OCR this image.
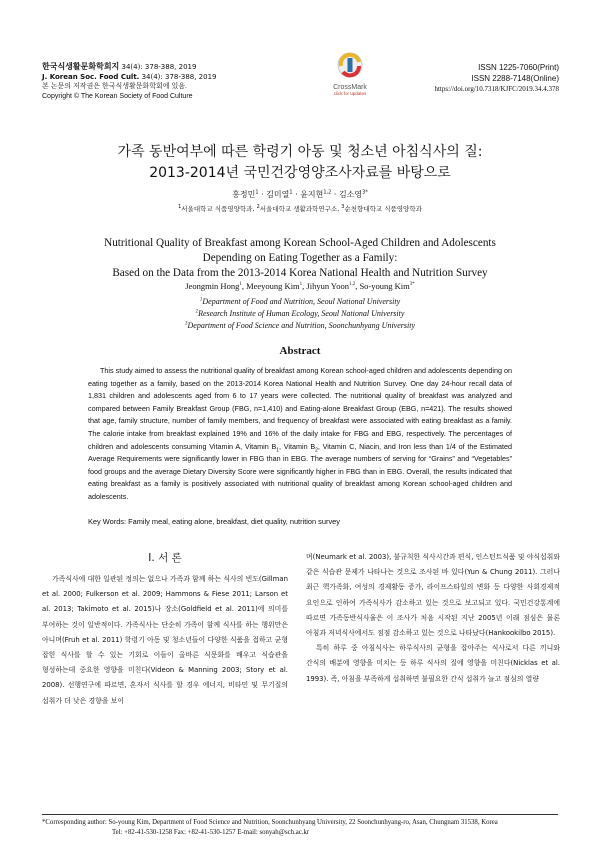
한국식생활문화학회지 34(4): 378-388, 2019
J. Korean Soc. Food Cult. 34(4): 378-388, 2019
본 논문의 저작권은 한국식생활문화학회에 있음.
Copyright © The Korean Society of Food Culture
CrossMark
click for updates
ISSN 1225-7060(Print)
ISSN 2288-7148(Online)
https://doi.org/10.7318/KJFC/2019.34.4.378
가족 동반여부에 따른 학령기 아동 및 청소년 아침식사의 질:
2013-2014년 국민건강영양조사자료를 바탕으로
홍정민$^1$ · 김미열$^1$ · 윤지현$^{1,2}$ · 김소영$^{3*}$
$^1$서울대학교 식품영양학과, $^2$서울대학교 생활과학연구소, $^3$순천향대학교 식품영양학과
Nutritional Quality of Breakfast among Korean School-Aged Children and Adolescents
Depending on Eating Together as a Family:
Based on the Data from the 2013-2014 Korea National Health and Nutrition Survey
Jeongmin Hong$^1$, Meeyoung Kim$^1$, Jihyun Yoon$^{1,2}$, So-young Kim$^{3*}$
$^1$Department of Food and Nutrition, Seoul National University
$^2$Research Institute of Human Ecology, Seoul National University
$^3$Department of Food Science and Nutrition, Soonchunhyang University
Abstract
This study aimed to assess the nutritional quality of breakfast among Korean school-aged children and adolescents depending on eating together as a family, based on the 2013-2014 Korea National Health and Nutrition Survey. One day 24-hour recall data of 1,831 children and adolescents aged from 6 to 17 years were collected. The nutritional quality of breakfast was analyzed and compared between Family Breakfast Group (FBG, n=1,410) and Eating-alone Breakfast Group (EBG, n=421). The results showed that age, family structure, number of family members, and frequency of breakfast were associated with eating breakfast as a family. The calorie intake from breakfast explained 19% and 16% of the daily intake for FBG and EBG, respectively. The percentages of children and adolescents consuming Vitamin A, Vitamin $B_1$, Vitamin $B_2$, Vitamin C, Niacin, and Iron less than 1/4 of the Estimated Average Requirements were significantly lower in FBG than in EBG. The average numbers of serving for “Grains” and “Vegetables” food groups and the average Dietary Diversity Score were significantly higher in FBG than in EBG. Overall, the results indicated that eating breakfast as a family is positively associated with nutritional quality of breakfast among Korean school-aged children and adolescents.
Key Words: Family meal, eating alone, breakfast, diet quality, nutrition survey
Ⅰ. 서 론

가족식사에 대한 일관된 정의는 없으나 가족과 함께 하는 식사의 빈도(Gillman et al. 2000; Fulkerson et al. 2009; Hammons & Fiese 2011; Larson et al. 2013; Takimoto et al. 2015)나 장소(Goldfield et al. 2011)에 의미를 부여하는 것이 일반적이다. 가족식사는 단순히 가족이 함께 식사를 하는 행위만은 아니며(Fruh et al. 2011) 학령기 아동 및 청소년들이 다양한 식품을 접하고 균형 잡힌 식사를 할 수 있는 기회로 이들이 올바른 식문화를 배우고 식습관을 형성하는데 중요한 영향을 미친다(Videon & Manning 2003; Story et al. 2008). 선행연구에 따르면, 혼자서 식사를 할 경우 에너지, 비타민 및 무기질의 섭취가 더 낮은 경향을 보이

며(Neumark et al. 2003), 불규칙한 식사시간과 편식, 인스턴트식품 및 야식섭취와 같은 식습관 문제가 나타나는 것으로 조사된 바 있다(Yun & Chung 2011). 그러나 최근 핵가족화, 여성의 경제활동 증가, 라이프스타일의 변화 등 다양한 사회경제적 요인으로 인하여 가족식사가 감소하고 있는 것으로 보고되고 있다. 국민건강통계에 따르면 가족동반식사율은 이 조사가 처음 시작된 지난 2005년 이래 점심은 물론 아침과 저녁식사에서도 점점 감소하고 있는 것으로 나타났다(Hankookilbo 2015).

특히 하루 중 아침식사는 하루식사의 균형을 잡아주는 식사로서 다른 끼니와 간식의 배분에 영향을 미치는 등 하루 식사의 질에 영향을 미친다(Nicklas et al. 1993). 즉, 아침을 부족하게 섭취하면 불필요한 간식 섭취가 늘고 점심의 열량

*Corresponding author: So-young Kim, Department of Food Science and Nutrition, Soonchunhyang University, 22 Soonchunhyang-ro, Asan, Chungnam 31538, Korea
Tel: +82-41-530-1258 Fax: +82-41-530-1257 E-mail: sonyah@sch.ac.kr
